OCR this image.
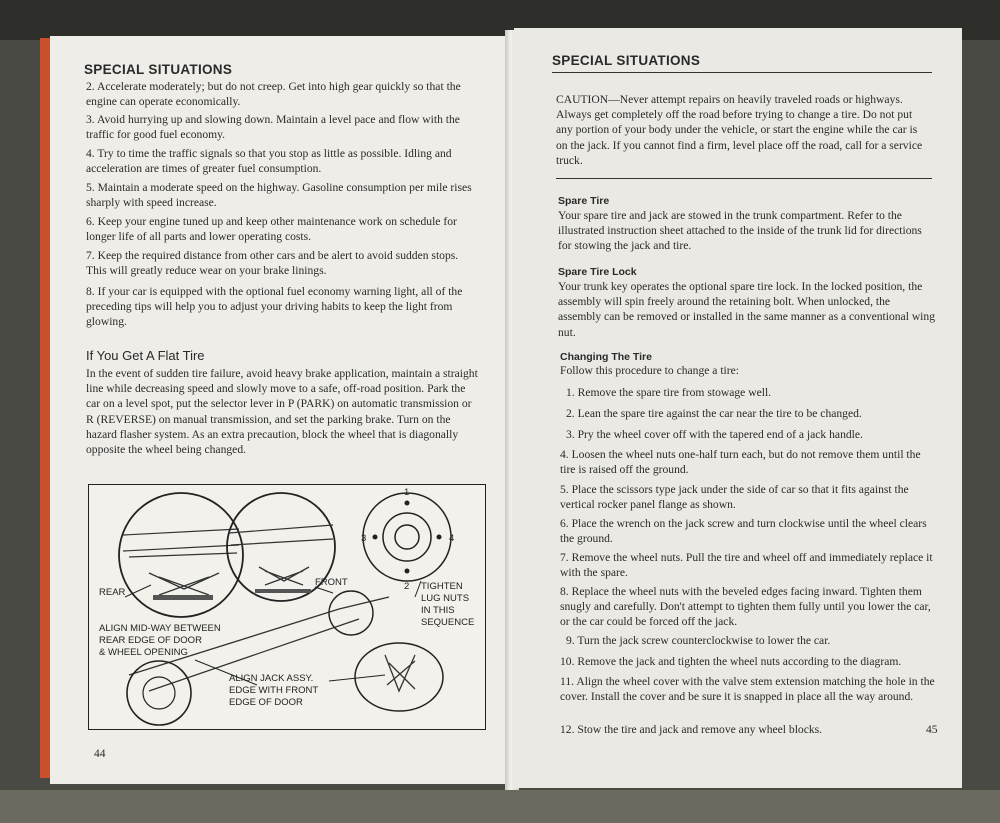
SPECIAL SITUATIONS
2. Accelerate moderately; but do not creep. Get into high gear quickly so that the engine can operate economically.
3. Avoid hurrying up and slowing down. Maintain a level pace and flow with the traffic for good fuel economy.
4. Try to time the traffic signals so that you stop as little as possible. Idling and acceleration are times of greater fuel consumption.
5. Maintain a moderate speed on the highway. Gasoline consumption per mile rises sharply with speed increase.
6. Keep your engine tuned up and keep other maintenance work on schedule for longer life of all parts and lower operating costs.
7. Keep the required distance from other cars and be alert to avoid sudden stops. This will greatly reduce wear on your brake linings.
8. If your car is equipped with the optional fuel economy warning light, all of the preceding tips will help you to adjust your driving habits to keep the light from glowing.
If You Get A Flat Tire
In the event of sudden tire failure, avoid heavy brake application, maintain a straight line while decreasing speed and slowly move to a safe, off-road position. Park the car on a level spot, put the selector lever in P (PARK) on automatic transmission or R (REVERSE) on manual transmission, and set the parking brake. Turn on the hazard flasher system. As an extra precaution, block the wheel that is diagonally opposite the wheel being changed.
1
2
3	4
REAR
FRONT	TIGHTEN
LUG NUTS
IN THIS
SEQUENCE
ALIGN MID-WAY BETWEEN
REAR EDGE OF DOOR
& WHEEL OPENING
ALIGN JACK ASSY.
EDGE WITH FRONT
EDGE OF DOOR
44
SPECIAL SITUATIONS
CAUTION—Never attempt repairs on heavily traveled roads or highways. Always get completely off the road before trying to change a tire. Do not put any portion of your body under the vehicle, or start the engine while the car is on the jack. If you cannot find a firm, level place off the road, call for a service truck.
Spare Tire
Your spare tire and jack are stowed in the trunk compartment. Refer to the illustrated instruction sheet attached to the inside of the trunk lid for directions for stowing the jack and tire.
Spare Tire Lock
Your trunk key operates the optional spare tire lock. In the locked position, the assembly will spin freely around the retaining bolt. When unlocked, the assembly can be removed or installed in the same manner as a conventional wing nut.
Changing The Tire
Follow this procedure to change a tire:
1. Remove the spare tire from stowage well.
2. Lean the spare tire against the car near the tire to be changed.
3. Pry the wheel cover off with the tapered end of a jack handle.
4. Loosen the wheel nuts one-half turn each, but do not remove them until the tire is raised off the ground.
5. Place the scissors type jack under the side of car so that it fits against the vertical rocker panel flange as shown.
6. Place the wrench on the jack screw and turn clockwise until the wheel clears the ground.
7. Remove the wheel nuts. Pull the tire and wheel off and immediately replace it with the spare.
8. Replace the wheel nuts with the beveled edges facing inward. Tighten them snugly and carefully. Don't attempt to tighten them fully until you lower the car, or the car could be forced off the jack.
9. Turn the jack screw counterclockwise to lower the car.
10. Remove the jack and tighten the wheel nuts according to the diagram.
11. Align the wheel cover with the valve stem extension matching the hole in the cover. Install the cover and be sure it is snapped in place all the way around.
12. Stow the tire and jack and remove any wheel blocks.	45
